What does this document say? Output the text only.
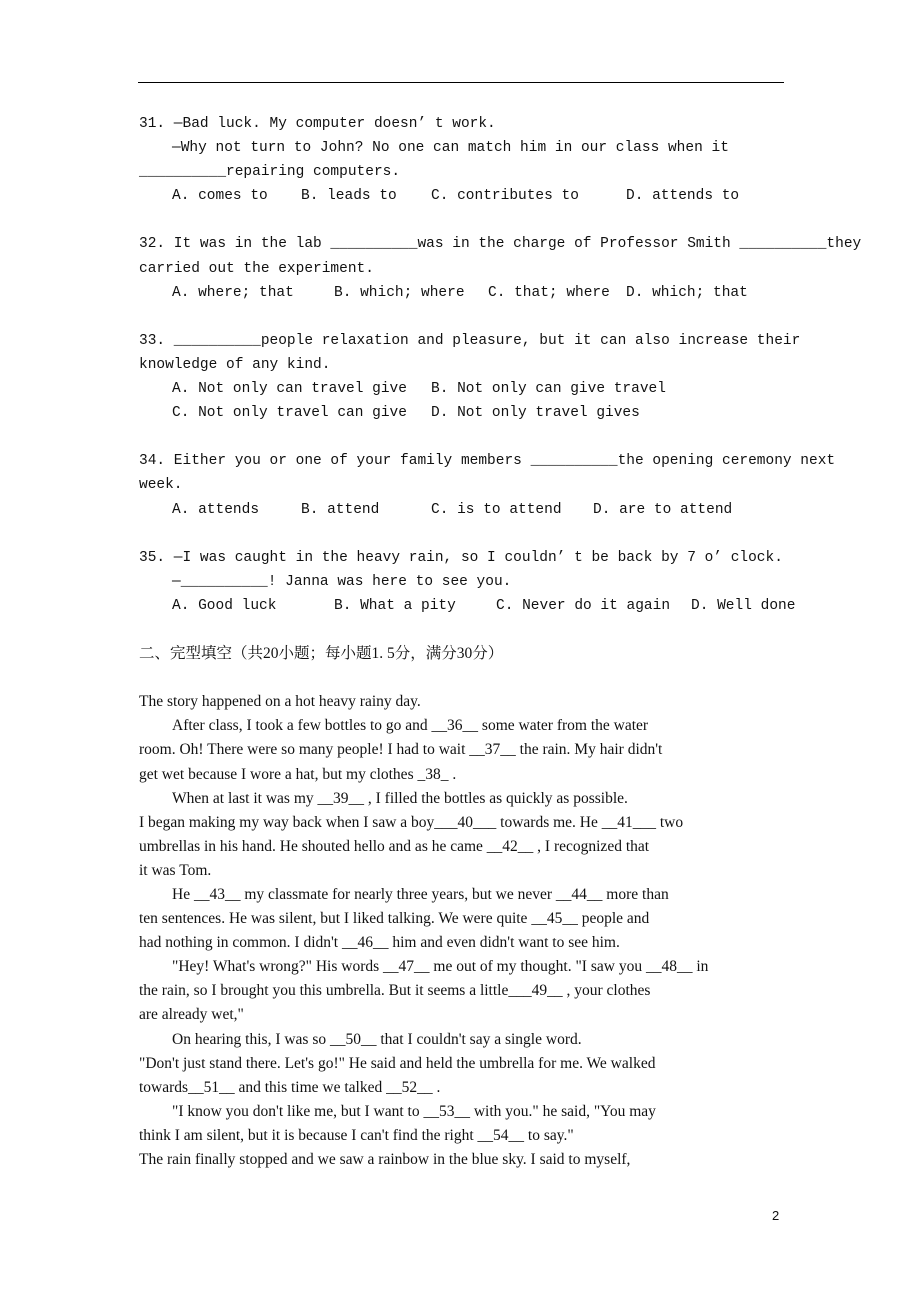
31. —Bad luck. My computer doesn’ t work.
—Why not turn to John? No one can match him in our class when it
__________repairing computers.
A. comes to	B. leads to	C. contributes to	D. attends to
32. It was in the lab __________was in the charge of Professor Smith __________they
carried out the experiment.
A. where; that	B. which; where	C. that; where	D. which; that
33. __________people relaxation and pleasure, but it can also increase their
knowledge of any kind.
A. Not only can travel give	B. Not only can give travel
C. Not only travel can give	D. Not only travel gives
34. Either you or one of your family members __________the opening ceremony next
week.
A. attends	B. attend	C. is to attend	D. are to attend
35. —I was caught in the heavy rain, so I couldn’ t be back by 7 o’ clock.
—__________! Janna was here to see you.
A. Good luck	B. What a pity	C. Never do it again	D. Well done
二、完型填空（共20小题；每小题1. 5分，满分30分）
The story happened on a hot heavy rainy day.
After class, I took a few bottles to go and __36__ some water from the water
room. Oh! There were so many people! I had to wait __37__ the rain. My hair didn't
get wet because I wore a hat, but my clothes _38_ .
When at last it was my __39__ , I filled the bottles as quickly as possible.
I began making my way back when I saw a boy___40___ towards me. He __41___ two
umbrellas in his hand. He shouted hello and as he came __42__ , I recognized that
it was Tom.
He __43__ my classmate for nearly three years, but we never __44__ more than
ten sentences. He was silent, but I liked talking. We were quite __45__ people and
had nothing in common. I didn't __46__ him and even didn't want to see him.
"Hey! What's wrong?" His words __47__ me out of my thought. "I saw you __48__ in
the rain, so I brought you this umbrella. But it seems a little___49__ , your clothes
are already wet,"
On hearing this, I was so __50__ that I couldn't say a single word.
"Don't just stand there. Let's go!" He said and held the umbrella for me. We walked
towards__51__ and this time we talked __52__ .
"I know you don't like me, but I want to __53__ with you." he said, "You may
think I am silent, but it is because I can't find the right __54__ to say."
The rain finally stopped and we saw a rainbow in the blue sky. I said to myself,
2
